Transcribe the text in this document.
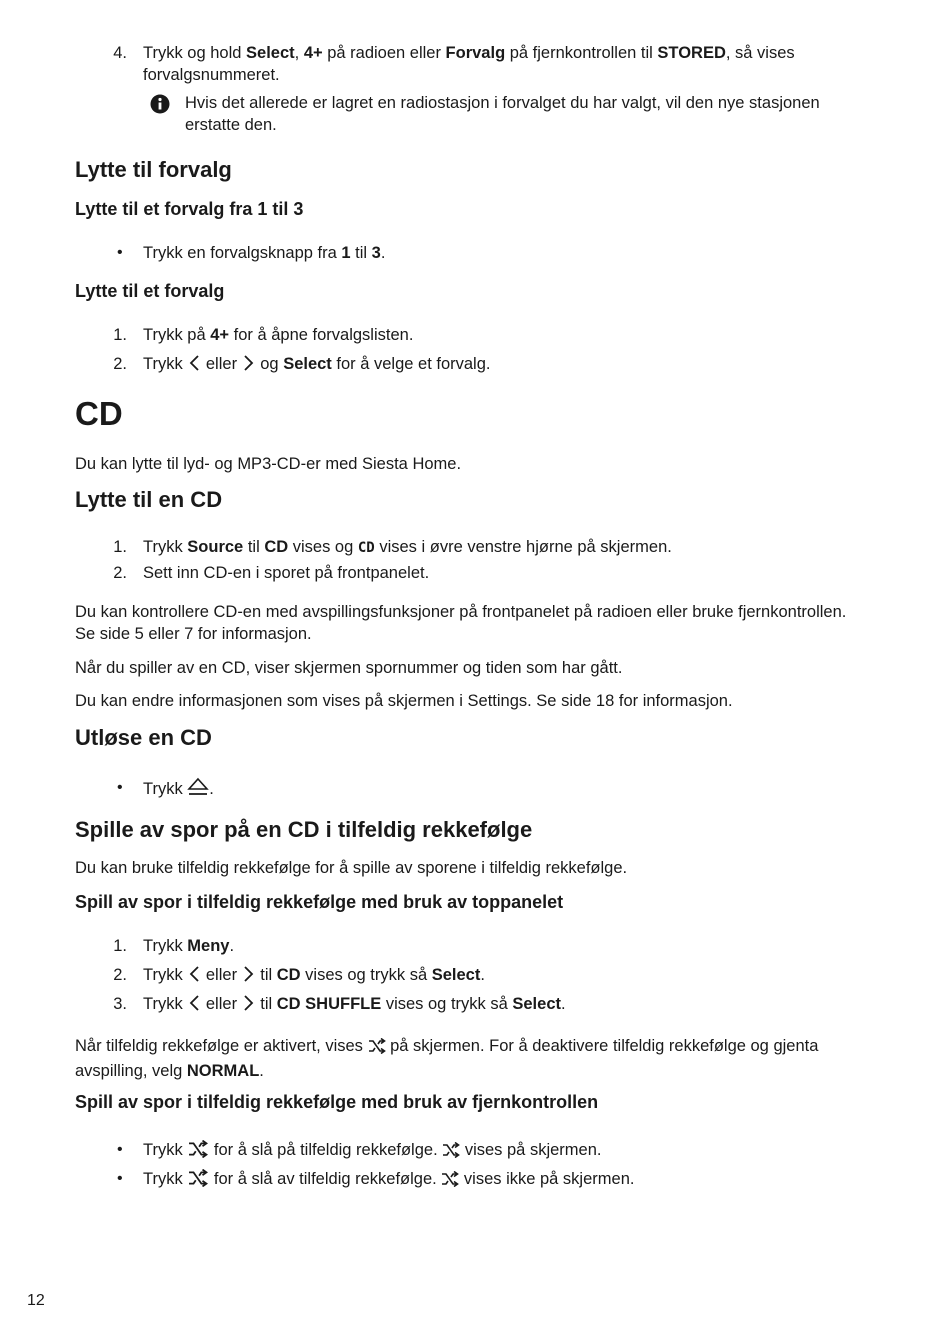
4. Trykk og hold Select, 4+ på radioen eller Forvalg på fjernkontrollen til STORED, så vises forvalgsnummeret.
Hvis det allerede er lagret en radiostasjon i forvalget du har valgt, vil den nye stasjonen erstatte den.
Lytte til forvalg
Lytte til et forvalg fra 1 til 3
• Trykk en forvalgsknapp fra 1 til 3.
Lytte til et forvalg
1. Trykk på 4+ for å åpne forvalgslisten.
2. Trykk  eller  og Select for å velge et forvalg.
CD
Du kan lytte til lyd- og MP3-CD-er med Siesta Home.
Lytte til en CD
1. Trykk Source til CD vises og CD vises i øvre venstre hjørne på skjermen.
2. Sett inn CD-en i sporet på frontpanelet.
Du kan kontrollere CD-en med avspillingsfunksjoner på frontpanelet på radioen eller bruke fjernkontrollen. Se side 5 eller 7 for informasjon.
Når du spiller av en CD, viser skjermen spornummer og tiden som har gått.
Du kan endre informasjonen som vises på skjermen i Settings. Se side 18 for informasjon.
Utløse en CD
• Trykk .
Spille av spor på en CD i tilfeldig rekkefølge
Du kan bruke tilfeldig rekkefølge for å spille av sporene i tilfeldig rekkefølge.
Spill av spor i tilfeldig rekkefølge med bruk av toppanelet
1. Trykk Meny.
2. Trykk  eller  til CD vises og trykk så Select.
3. Trykk  eller  til CD SHUFFLE vises og trykk så Select.
Når tilfeldig rekkefølge er aktivert, vises  på skjermen. For å deaktivere tilfeldig rekkefølge og gjenta avspilling, velg NORMAL.
Spill av spor i tilfeldig rekkefølge med bruk av fjernkontrollen
• Trykk  for å slå på tilfeldig rekkefølge.  vises på skjermen.
• Trykk  for å slå av tilfeldig rekkefølge.  vises ikke på skjermen.
12
